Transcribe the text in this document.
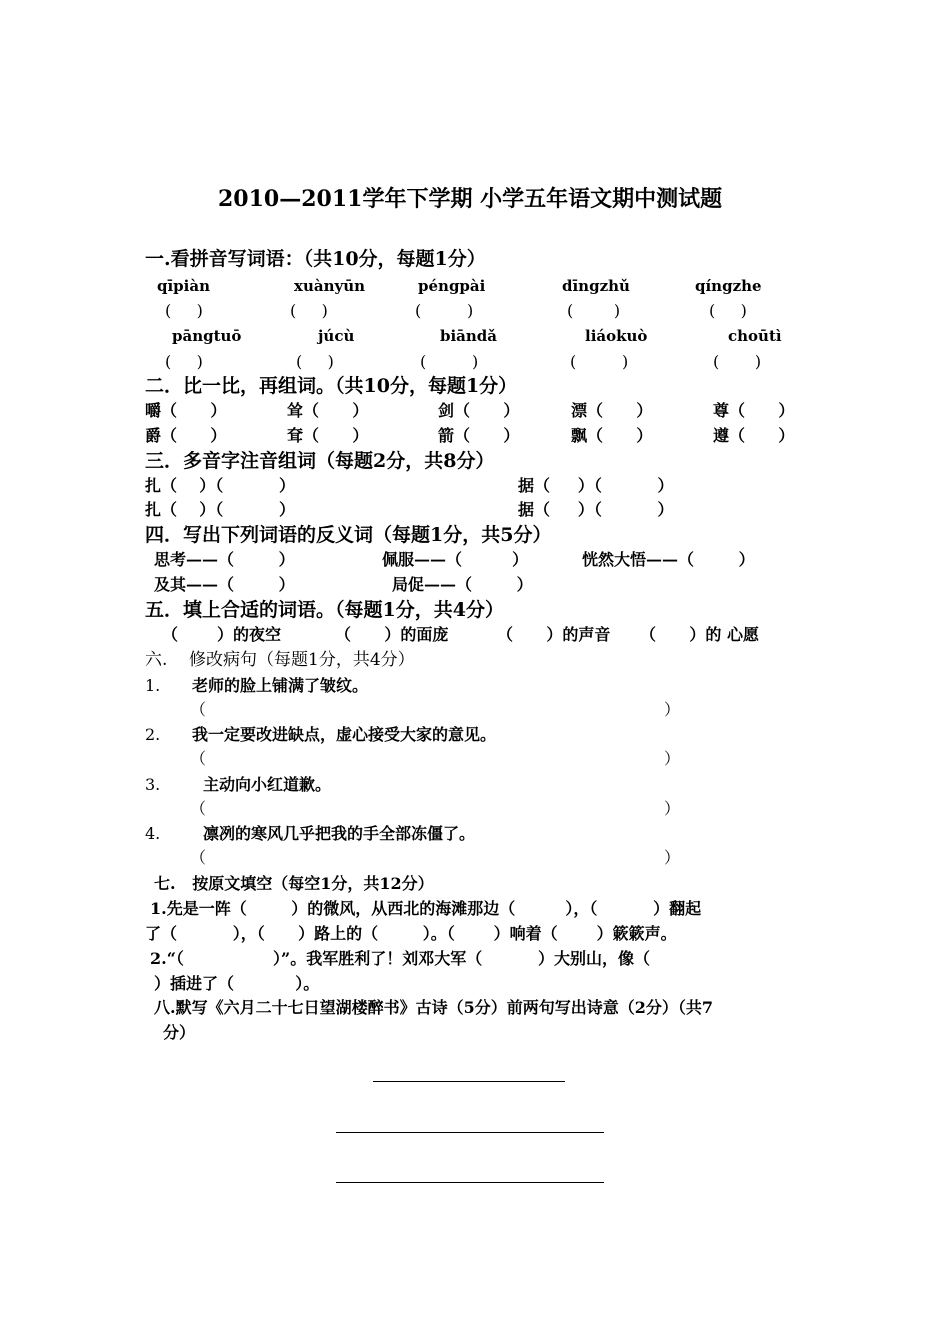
2010—2011学年下学期 小学五年语文期中测试题
一.看拼音写词语：（共10分，每题1分）
qīpiàn	xuànyūn	péngpài	dīngzhǔ	qíngzhe
(     )	(     )	(         )	(        )	(     )
pāngtuō	júcù	biāndǎ	liáokuò	choūtì
(     )	(     )	(         )	(         )	(       )
二．比一比，再组词。（共10分，每题1分）
嚼（      ）	耸（      ）	剑（      ）	漂（      ）	尊（      ）
爵（      ）	耷（      ）	箭（      ）	飘（      ）	遵（      ）
三．多音字注音组词（每题2分，共8分）
扎（    ）（          ）	据（     ）（          ）
扎（    ）（          ）	据（     ）（          ）
四．写出下列词语的反义词（每题1分，共5分）
思考——（        ）	佩服——（         ）	恍然大悟——（        ）
及其——（        ）	局促——（        ）
五．填上合适的词语。（每题1分，共4分）
（       ）的夜空	（      ）的面庞	（      ）的声音 （      ）的 心愿
六.    修改病句（每题1分，共4分）
1. 老师的脸上铺满了皱纹。
（	）
2. 我一定要改进缺点，虚心接受大家的意见。
（	）
3.	主动向小红道歉。
（	）
4.	凛冽的寒风几乎把我的手全部冻僵了。
（	）
七.   按原文填空（每空1分，共12分）
1.先是一阵（        ）的微风，从西北的海滩那边（         ），（          ）翻起
了（          ），（      ）路上的（        ）。（       ）响着（       ）簌簌声。
2.“（                ）”。我军胜利了！刘邓大军（          ）大别山，像（
）插进了（           ）。
八.默写《六月二十七日望湖楼醉书》古诗（5分）前两句写出诗意（2分）（共7
分）
